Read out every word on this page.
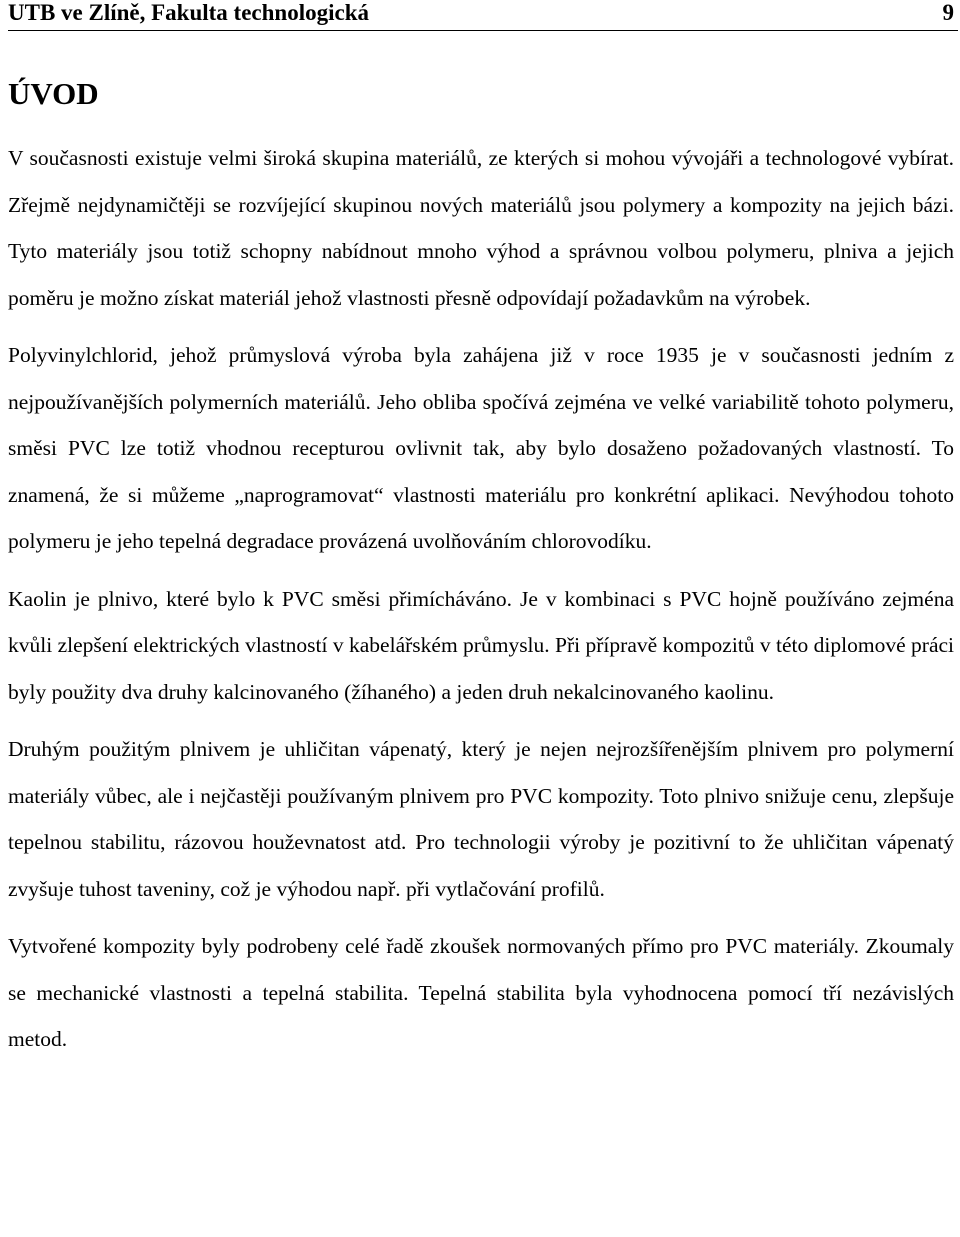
UTB ve Zlíně, Fakulta technologická	9
ÚVOD

V současnosti existuje velmi široká skupina materiálů, ze kterých si mohou vývojáři a technologové vybírat. Zřejmě nejdynamičtěji se rozvíjející skupinou nových materiálů jsou polymery a kompozity na jejich bázi. Tyto materiály jsou totiž schopny nabídnout mnoho výhod a správnou volbou polymeru, plniva a jejich poměru je možno získat materiál jehož vlastnosti přesně odpovídají požadavkům na výrobek.

Polyvinylchlorid, jehož průmyslová výroba byla zahájena již v roce 1935 je v současnosti jedním z nejpoužívanějších polymerních materiálů. Jeho obliba spočívá zejména ve velké variabilitě tohoto polymeru, směsi PVC lze totiž vhodnou recepturou ovlivnit tak, aby bylo dosaženo požadovaných vlastností. To znamená, že si můžeme „naprogramovat“ vlastnosti materiálu pro konkrétní aplikaci. Nevýhodou tohoto polymeru je jeho tepelná degradace provázená uvolňováním chlorovodíku.

Kaolin je plnivo, které bylo k PVC směsi přimícháváno. Je v kombinaci s PVC hojně používáno zejména kvůli zlepšení elektrických vlastností v kabelářském průmyslu. Při přípravě kompozitů v této diplomové práci byly použity dva druhy kalcinovaného (žíhaného) a jeden druh nekalcinovaného kaolinu.

Druhým použitým plnivem je uhličitan vápenatý, který je nejen nejrozšířenějším plnivem pro polymerní materiály vůbec, ale i nejčastěji používaným plnivem pro PVC kompozity. Toto plnivo snižuje cenu, zlepšuje tepelnou stabilitu, rázovou houževnatost atd. Pro technologii výroby je pozitivní to že uhličitan vápenatý zvyšuje tuhost taveniny, což je výhodou např. při vytlačování profilů.

Vytvořené kompozity byly podrobeny celé řadě zkoušek normovaných přímo pro PVC materiály. Zkoumaly se mechanické vlastnosti a tepelná stabilita. Tepelná stabilita byla vyhodnocena pomocí tří nezávislých metod.
